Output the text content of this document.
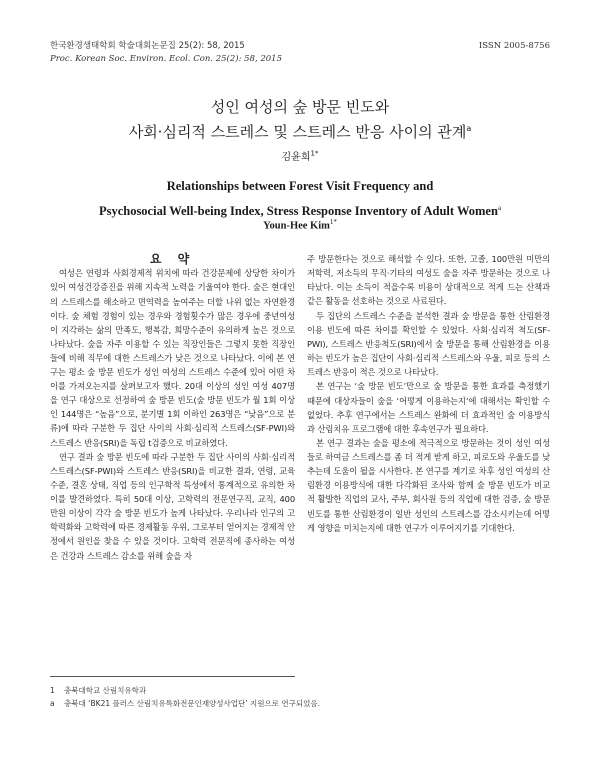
한국환경생태학회 학술대회논문집 25(2): 58, 2015
Proc. Korean Soc. Environ. Ecol. Con. 25(2): 58, 2015
ISSN 2005-8756
성인 여성의 숲 방문 빈도와
사회·심리적 스트레스 및 스트레스 반응 사이의 관계$^a$
김윤희$^{1*}$
Relationships between Forest Visit Frequency and
Psychosocial Well-being Index, Stress Response Inventory of Adult Women$^a$
Youn-Hee Kim$^{1*}$

요 약

여성은 연령과 사회경제적 위치에 따라 건강문제에 상당한 차이가 있어 여성건강증진을 위해 지속적 노력을 기울여야 한다. 숲은 현대인의 스트레스를 해소하고 면역력을 높여주는 더할 나위 없는 자연환경이다. 숲 체험 경험이 있는 경우와 경험횟수가 많은 경우에 중년여성이 지각하는 삶의 만족도, 행복감, 희망수준이 유의하게 높은 것으로 나타났다. 숲을 자주 이용할 수 있는 직장인들은 그렇지 못한 직장인들에 비해 직무에 대한 스트레스가 낮은 것으로 나타났다. 이에 본 연구는 평소 숲 방문 빈도가 성인 여성의 스트레스 수준에 있어 어떤 차이를 가져오는지를 살펴보고자 했다. 20대 이상의 성인 여성 407명을 연구 대상으로 선정하여 숲 방문 빈도(숲 방문 빈도가 월 1회 이상인 144명은 “높음”으로, 분기별 1회 이하인 263명은 “낮음”으로 분류)에 따라 구분한 두 집단 사이의 사회·심리적 스트레스(SF-PWI)와 스트레스 반응(SRI)을 독립 t검증으로 비교하였다.

연구 결과 숲 방문 빈도에 따라 구분한 두 집단 사이의 사회·심리적 스트레스(SF-PWI)와 스트레스 반응(SRI)을 비교한 결과, 연령, 교육수준, 결혼 상태, 직업 등의 인구학적 특성에서 통계적으로 유의한 차이를 발견하였다. 특히 50대 이상, 고학력의 전문연구직, 교직, 400만원 이상이 각각 숲 방문 빈도가 높게 나타났다. 우리나라 인구의 고학력화와 고학력에 따른 경제활동 우위, 그로부터 얻어지는 경제적 안정에서 원인을 찾을 수 있을 것이다. 고학력 전문직에 종사하는 여성은 건강과 스트레스 감소를 위해 숲을 자

주 방문한다는 것으로 해석할 수 있다. 또한, 고졸, 100만원 미만의 저학력, 저소득의 무직·기타의 여성도 숲을 자주 방문하는 것으로 나타났다. 이는 소득이 적을수록 비용이 상대적으로 적게 드는 산책과 같은 활동을 선호하는 것으로 사료된다.

두 집단의 스트레스 수준을 분석한 결과 숲 방문을 통한 산림환경이용 빈도에 따른 차이를 확인할 수 있었다. 사회·심리적 척도(SF-PWI), 스트레스 반응척도(SRI)에서 숲 방문을 통해 산림환경을 이용하는 빈도가 높은 집단이 사회·심리적 스트레스와 우울, 피로 등의 스트레스 반응이 적은 것으로 나타났다.

본 연구는 ‘숲 방문 빈도’만으로 숲 방문을 통한 효과를 측정했기 때문에 대상자들이 숲을 ‘어떻게 이용하는지’에 대해서는 확인할 수 없었다. 추후 연구에서는 스트레스 완화에 더 효과적인 숲 이용방식과 산림치유 프로그램에 대한 후속연구가 필요하다.

본 연구 결과는 숲을 평소에 적극적으로 방문하는 것이 성인 여성들로 하여금 스트레스를 좀 더 적게 받게 하고, 피로도와 우울도를 낮추는데 도움이 될을 시사한다. 본 연구를 계기로 차후 성인 여성의 산림환경 이용방식에 대한 다각화된 조사와 함께 숲 방문 빈도가 비교적 활발한 직업의 교사, 주부, 회사원 등의 직업에 대한 검증, 숲 방문 빈도를 통한 산림환경이 일반 성인의 스트레스를 감소시키는데 어떻게 영향을 미치는지에 대한 연구가 이루어지기를 기대한다.

1 충북대학교 산림치유학과
a 충북대 ‘BK21 플러스 산림치유특화전문인재양성사업단’ 지원으로 연구되었음.
